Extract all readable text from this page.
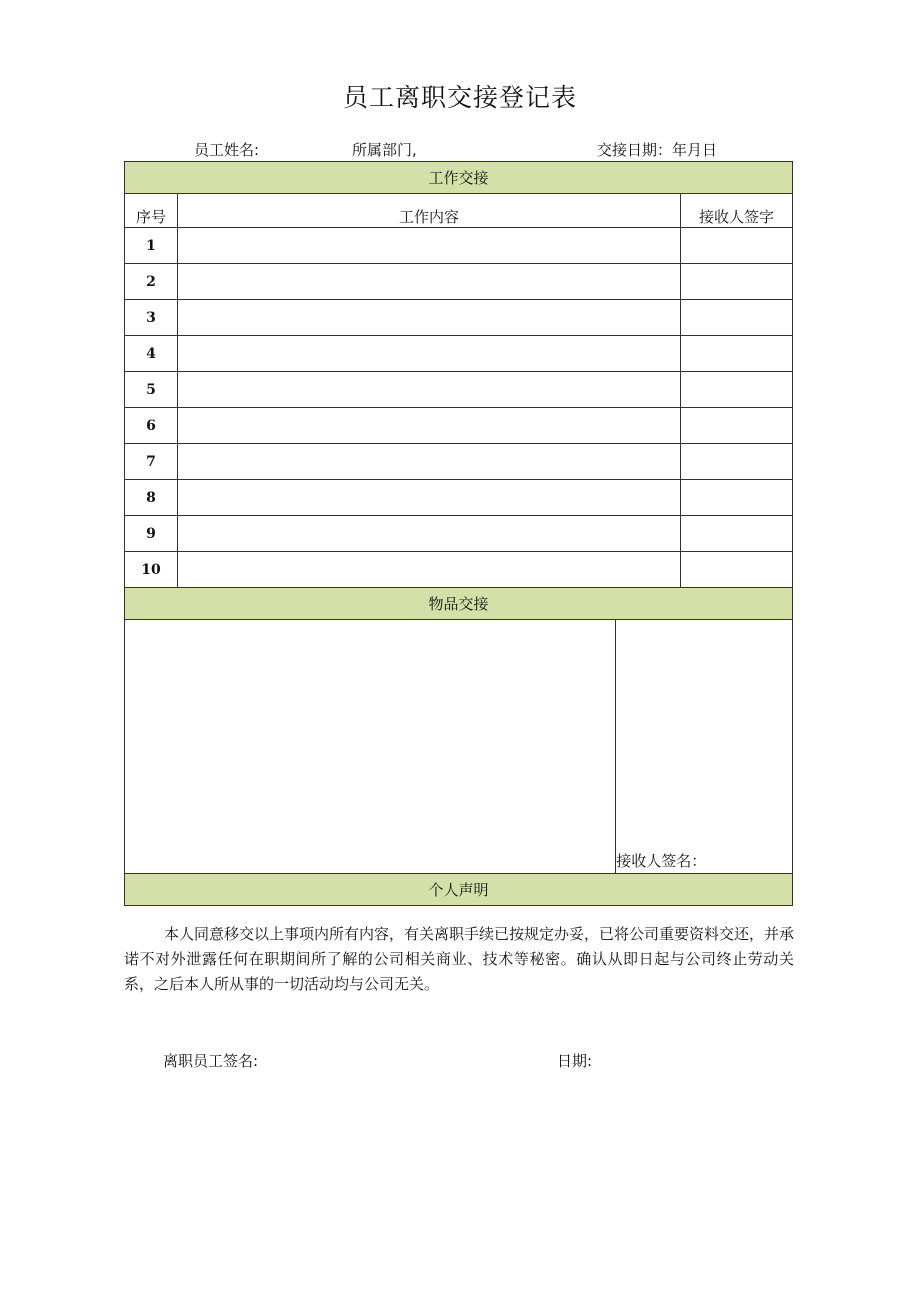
员工离职交接登记表
员工姓名:	所属部门,	交接日期：年月日
工作交接
序号	工作内容	接收人签字
1		
2		
3		
4		
5		
6		
7		
8		
9		
10		
物品交接

	接收人签名：

个人声明
本人同意移交以上事项内所有内容，有关离职手续已按规定办妥，已将公司重要资料交还，并承诺不对外泄露任何在职期间所了解的公司相关商业、技术等秘密。确认从即日起与公司终止劳动关系，之后本人所从事的一切活动均与公司无关。
离职员工签名:	日期:
